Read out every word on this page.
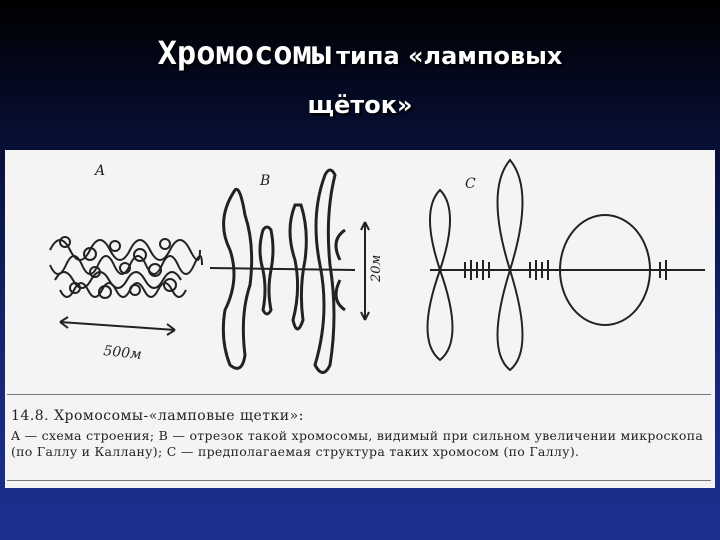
Хромосомы типа «ламповых
щёток»
A
B	C
500м
20м
14.8. Хромосомы-«ламповые щетки»:
A — схема строения; B — отрезок такой хромосомы, видимый при сильном увеличении микроскопа (по Галлу и Каллану); C — предполагаемая структура таких хромосом (по Галлу).
